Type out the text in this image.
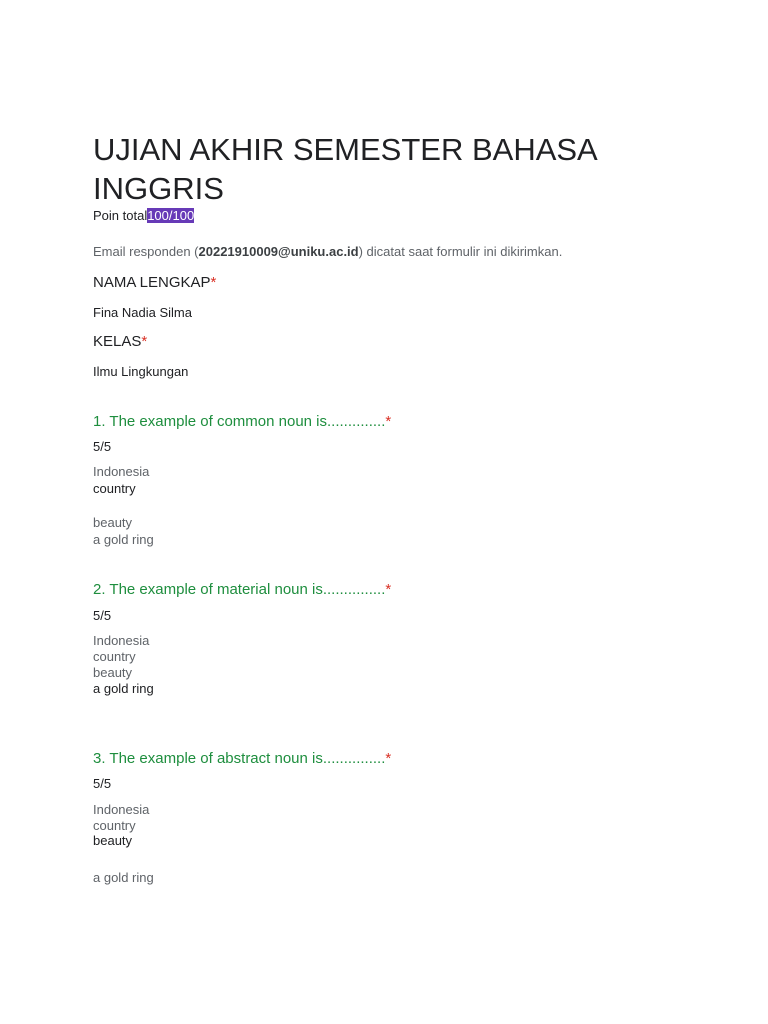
UJIAN AKHIR SEMESTER BAHASA INGGRIS
Poin total100/100
Email responden (20221910009@uniku.ac.id) dicatat saat formulir ini dikirimkan.
NAMA LENGKAP*
Fina Nadia Silma
KELAS*
Ilmu Lingkungan
1. The example of common noun is..............*
5/5
Indonesia
country
beauty
a gold ring
2. The example of material noun is...............*
5/5
Indonesia
country
beauty
a gold ring
3. The example of abstract noun is...............*
5/5
Indonesia
country
beauty
a gold ring
